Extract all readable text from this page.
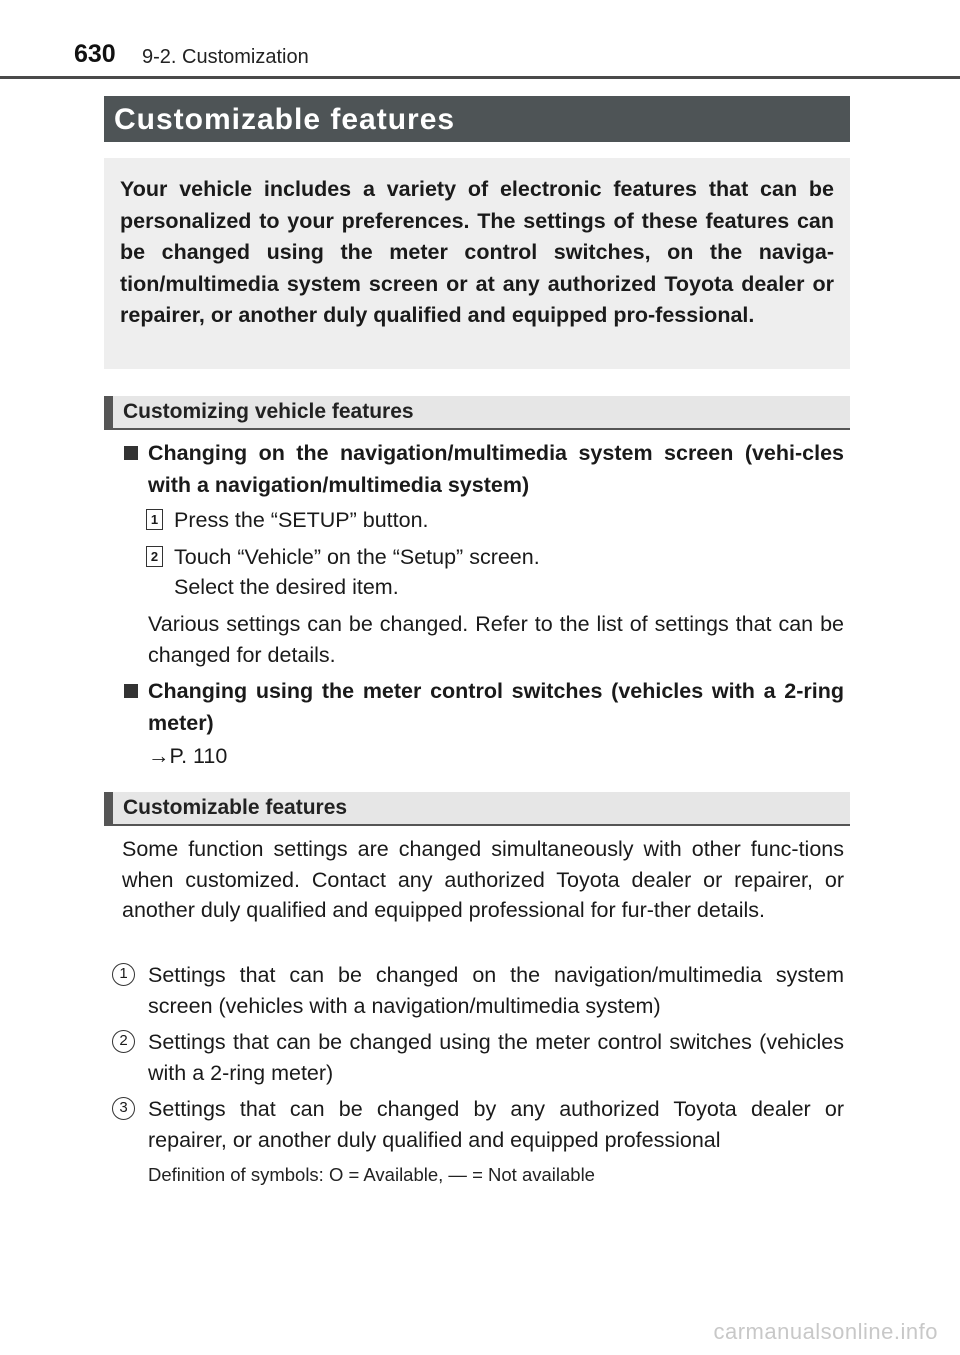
630 9-2. Customization
Customizable features
Your vehicle includes a variety of electronic features that can be personalized to your preferences. The settings of these features can be changed using the meter control switches, on the naviga-tion/multimedia system screen or at any authorized Toyota dealer or repairer, or another duly qualified and equipped pro-fessional.
Customizing vehicle features
Changing on the navigation/multimedia system screen (vehi-cles with a navigation/multimedia system)
1 Press the “SETUP” button.
2 Touch “Vehicle” on the “Setup” screen.
Select the desired item.
Various settings can be changed. Refer to the list of settings that can be changed for details.
Changing using the meter control switches (vehicles with a 2-ring meter)
→P. 110
Customizable features
Some function settings are changed simultaneously with other func-tions when customized. Contact any authorized Toyota dealer or repairer, or another duly qualified and equipped professional for fur-ther details.
1 Settings that can be changed on the navigation/multimedia system screen (vehicles with a navigation/multimedia system)
2 Settings that can be changed using the meter control switches (vehicles with a 2-ring meter)
3 Settings that can be changed by any authorized Toyota dealer or repairer, or another duly qualified and equipped professional
Definition of symbols: O = Available, — = Not available
carmanualsonline.info
